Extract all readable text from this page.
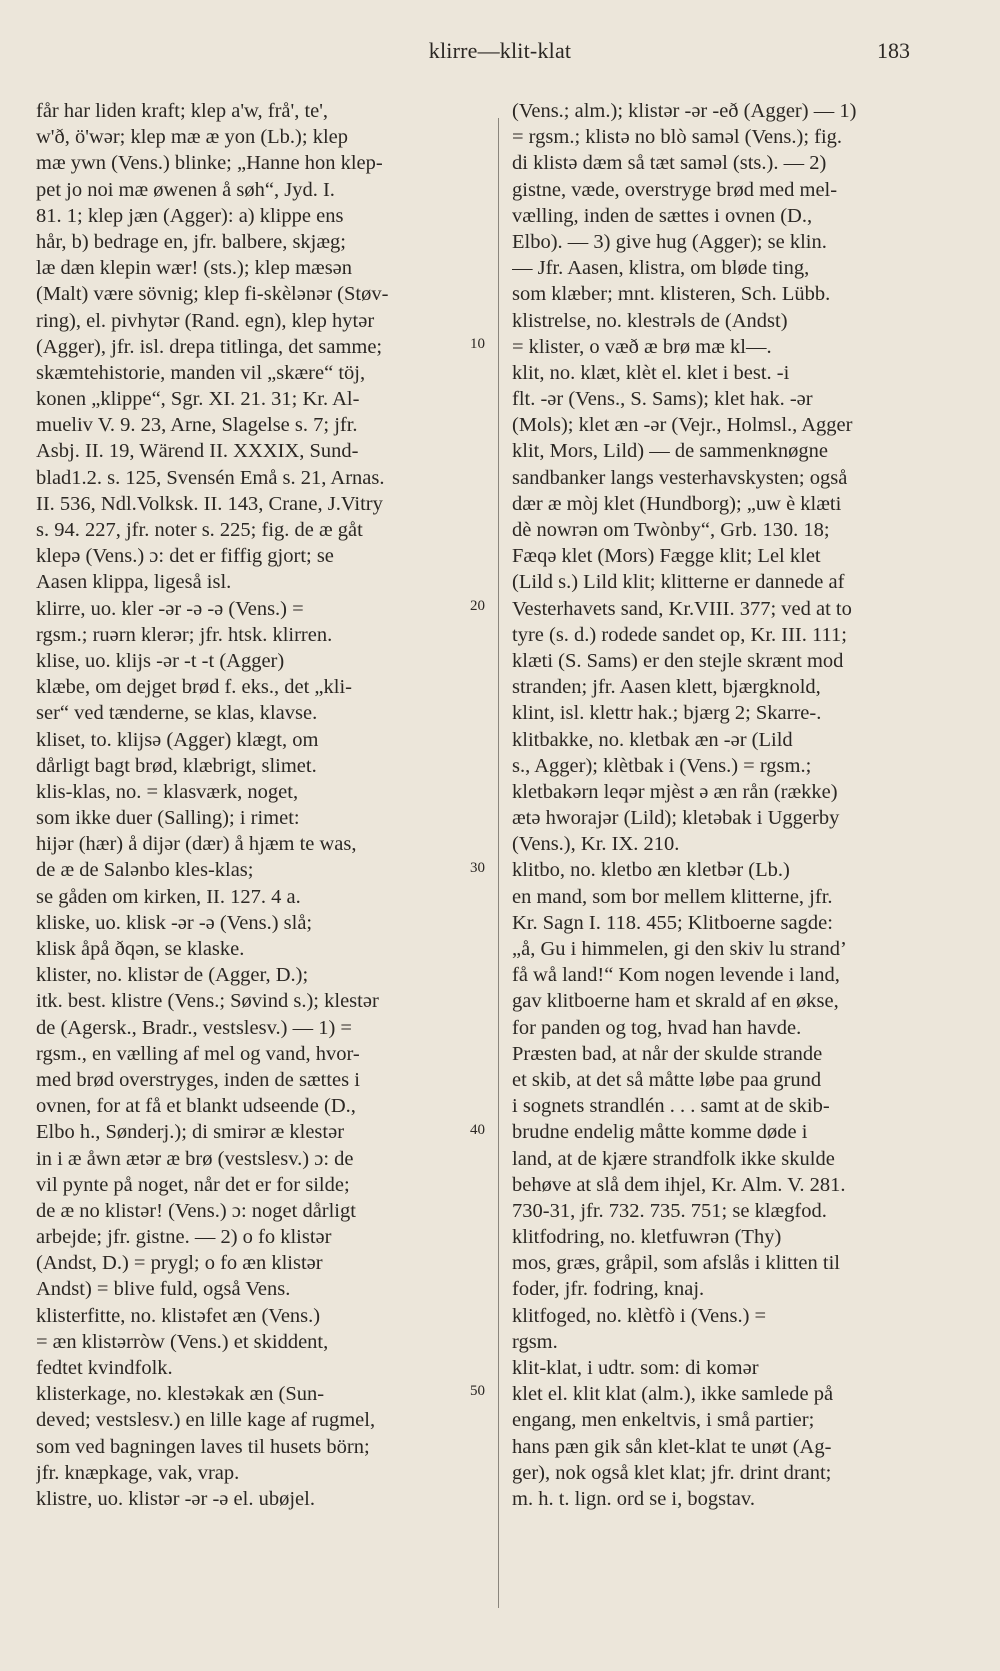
klirre—klit-klat	183
10
20
30
40
50
får har liden kraft; klep a'w, frå', te',
w'ð, ö'wər; klep mæ æ yon (Lb.); klep
mæ ywn (Vens.) blinke; „Hanne hon klep-
pet jo noi mæ øwenen å søh“, Jyd. I.
81. 1; klep jæn (Agger): a) klippe ens
hår, b) bedrage en, jfr. balbere, skjæg;
læ dæn klepin wær! (sts.); klep mæsən
(Malt) være sövnig; klep fi-skèlənər (Støv-
ring), el. pivhytər (Rand. egn), klep hytər
(Agger), jfr. isl. drepa titlinga, det samme;
skæmtehistorie, manden vil „skære“ töj,
konen „klippe“, Sgr. XI. 21. 31; Kr. Al-
mueliv V. 9. 23, Arne, Slagelse s. 7; jfr.
Asbj. II. 19, Wärend II. XXXIX, Sund-
blad1.2. s. 125, Svensén Emå s. 21, Arnas.
II. 536, Ndl.Volksk. II. 143, Crane, J.Vitry
s. 94. 227, jfr. noter s. 225; fig. de æ gåt
klepə (Vens.) ɔ: det er fiffig gjort; se
Aasen klippa, ligeså isl.
klirre, uo. kler -ər -ə -ə (Vens.) =
rgsm.; ruərn klerər; jfr. htsk. klirren.
klise, uo. klijs -ər -t -t (Agger)
klæbe, om dejget brød f. eks., det „kli-
ser“ ved tænderne, se klas, klavse.
kliset, to. klijsə (Agger) klægt, om
dårligt bagt brød, klæbrigt, slimet.
klis-klas, no. = klasværk, noget,
som ikke duer (Salling); i rimet:
hijər (hær) å dijər (dær) å hjæm te was,
de æ de Salənbo kles-klas;
se gåden om kirken, II. 127. 4 a.
kliske, uo. klisk -ər -ə (Vens.) slå;
klisk åpå ðqən, se klaske.
klister, no. klistər de (Agger, D.);
itk. best. klistre (Vens.; Søvind s.); klestər
de (Agersk., Bradr., vestslesv.) — 1) =
rgsm., en vælling af mel og vand, hvor-
med brød overstryges, inden de sættes i
ovnen, for at få et blankt udseende (D.,
Elbo h., Sønderj.); di smirər æ klestər
in i æ åwn ætər æ brø (vestslesv.) ɔ: de
vil pynte på noget, når det er for silde;
de æ no klistər! (Vens.) ɔ: noget dårligt
arbejde; jfr. gistne. — 2) o fo klistər
(Andst, D.) = prygl; o fo æn klistər
Andst) = blive fuld, også Vens.
klisterfitte, no. klistəfet æn (Vens.)
= æn klistərròw (Vens.) et skiddent,
fedtet kvindfolk.
klisterkage, no. klestəkak æn (Sun-
deved; vestslesv.) en lille kage af rugmel,
som ved bagningen laves til husets börn;
jfr. knæpkage, vak, vrap.
klistre, uo. klistər -ər -ə el. ubøjel.
(Vens.; alm.); klistər -ər -eð (Agger) — 1)
= rgsm.; klistə no blò saməl (Vens.); fig.
di klistə dæm så tæt saməl (sts.). — 2)
gistne, væde, overstryge brød med mel-
vælling, inden de sættes i ovnen (D.,
Elbo). — 3) give hug (Agger); se klin.
— Jfr. Aasen, klistra, om bløde ting,
som klæber; mnt. klisteren, Sch. Lübb.
klistrelse, no. klestrəls de (Andst)
= klister, o væð æ brø mæ kl—.
klit, no. klæt, klèt el. klet i best. -i
flt. -ər (Vens., S. Sams); klet hak. -ər
(Mols); klet æn -ər (Vejr., Holmsl., Agger
klit, Mors, Lild) — de sammenknøgne
sandbanker langs vesterhavskysten; også
dær æ mòj klet (Hundborg); „uw è klæti
dè nowrən om Twònby“, Grb. 130. 18;
Fæqə klet (Mors) Fægge klit; Lel klet
(Lild s.) Lild klit; klitterne er dannede af
Vesterhavets sand, Kr.VIII. 377; ved at to
tyre (s. d.) rodede sandet op, Kr. III. 111;
klæti (S. Sams) er den stejle skrænt mod
stranden; jfr. Aasen klett, bjærgknold,
klint, isl. klettr hak.; bjærg 2; Skarre-.
klitbakke, no. kletbak æn -ər (Lild
s., Agger); klètbak i (Vens.) = rgsm.;
kletbakərn leqər mjèst ə æn rån (række)
ætə hworajər (Lild); kletəbak i Uggerby
(Vens.), Kr. IX. 210.
klitbo, no. kletbo æn kletbər (Lb.)
en mand, som bor mellem klitterne, jfr.
Kr. Sagn I. 118. 455; Klitboerne sagde:
„å, Gu i himmelen, gi den skiv lu strand’
få wå land!“ Kom nogen levende i land,
gav klitboerne ham et skrald af en økse,
for panden og tog, hvad han havde.
Præsten bad, at når der skulde strande
et skib, at det så måtte løbe paa grund
i sognets strandlén . . . samt at de skib-
brudne endelig måtte komme døde i
land, at de kjære strandfolk ikke skulde
behøve at slå dem ihjel, Kr. Alm. V. 281.
730-31, jfr. 732. 735. 751; se klægfod.
klitfodring, no. kletfuwrən (Thy)
mos, græs, gråpil, som afslås i klitten til
foder, jfr. fodring, knaj.
klitfoged, no. klètfò i (Vens.) =
rgsm.
klit-klat, i udtr. som: di komər
klet el. klit klat (alm.), ikke samlede på
engang, men enkeltvis, i små partier;
hans pæn gik sån klet-klat te unøt (Ag-
ger), nok også klet klat; jfr. drint drant;
m. h. t. lign. ord se i, bogstav.
